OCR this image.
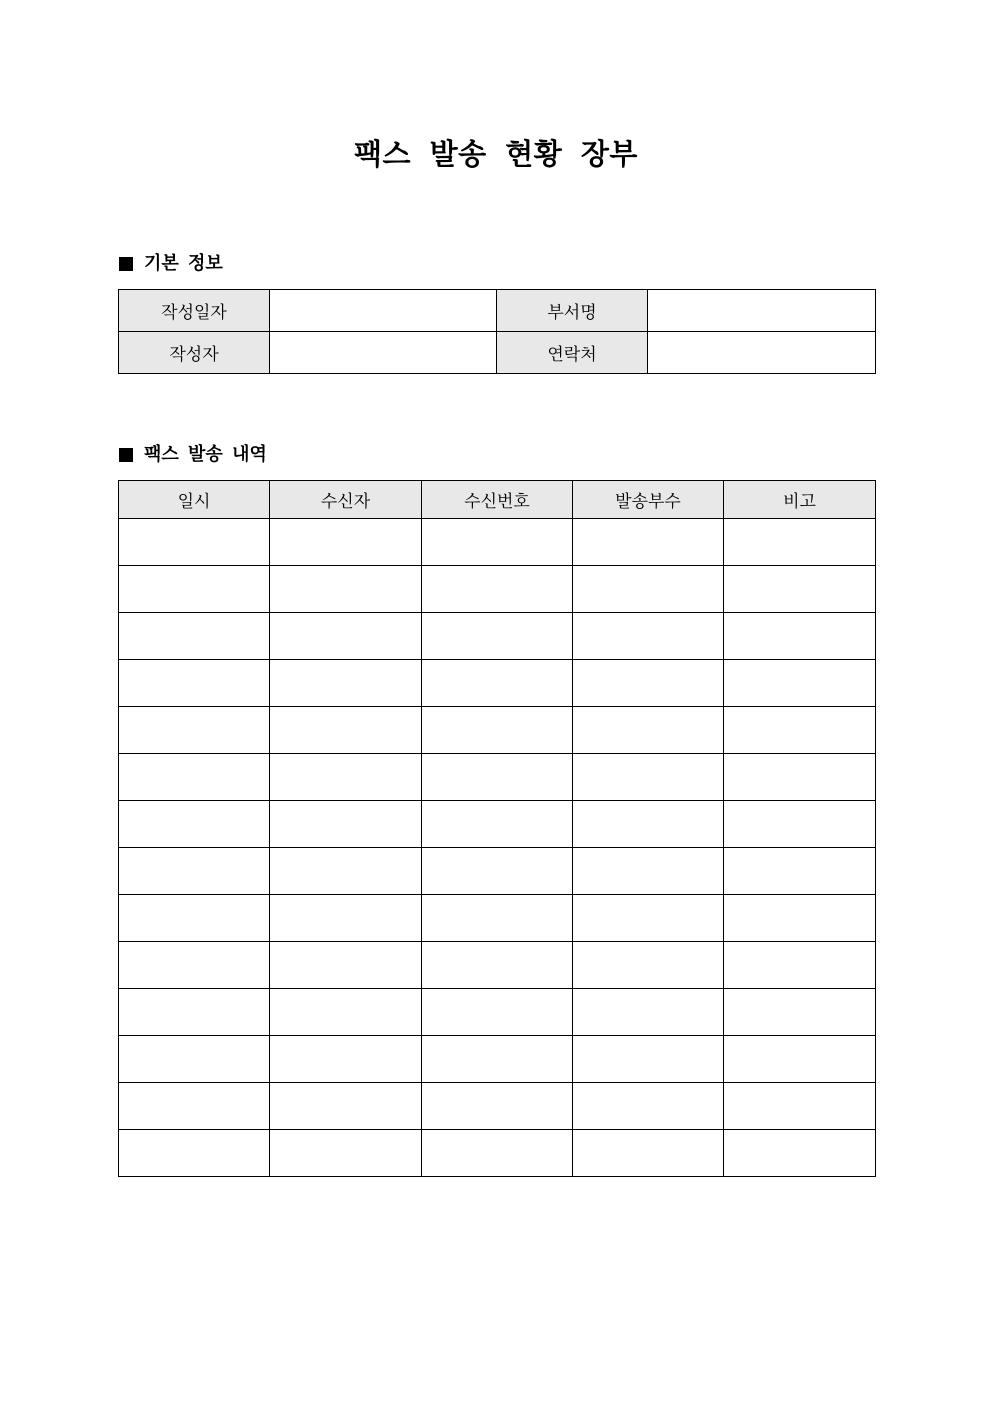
팩스 발송 현황 장부
기본 정보
작성일자		부서명	
작성자		연락처	
팩스 발송 내역
일시	수신자	수신번호	발송부수	비고
